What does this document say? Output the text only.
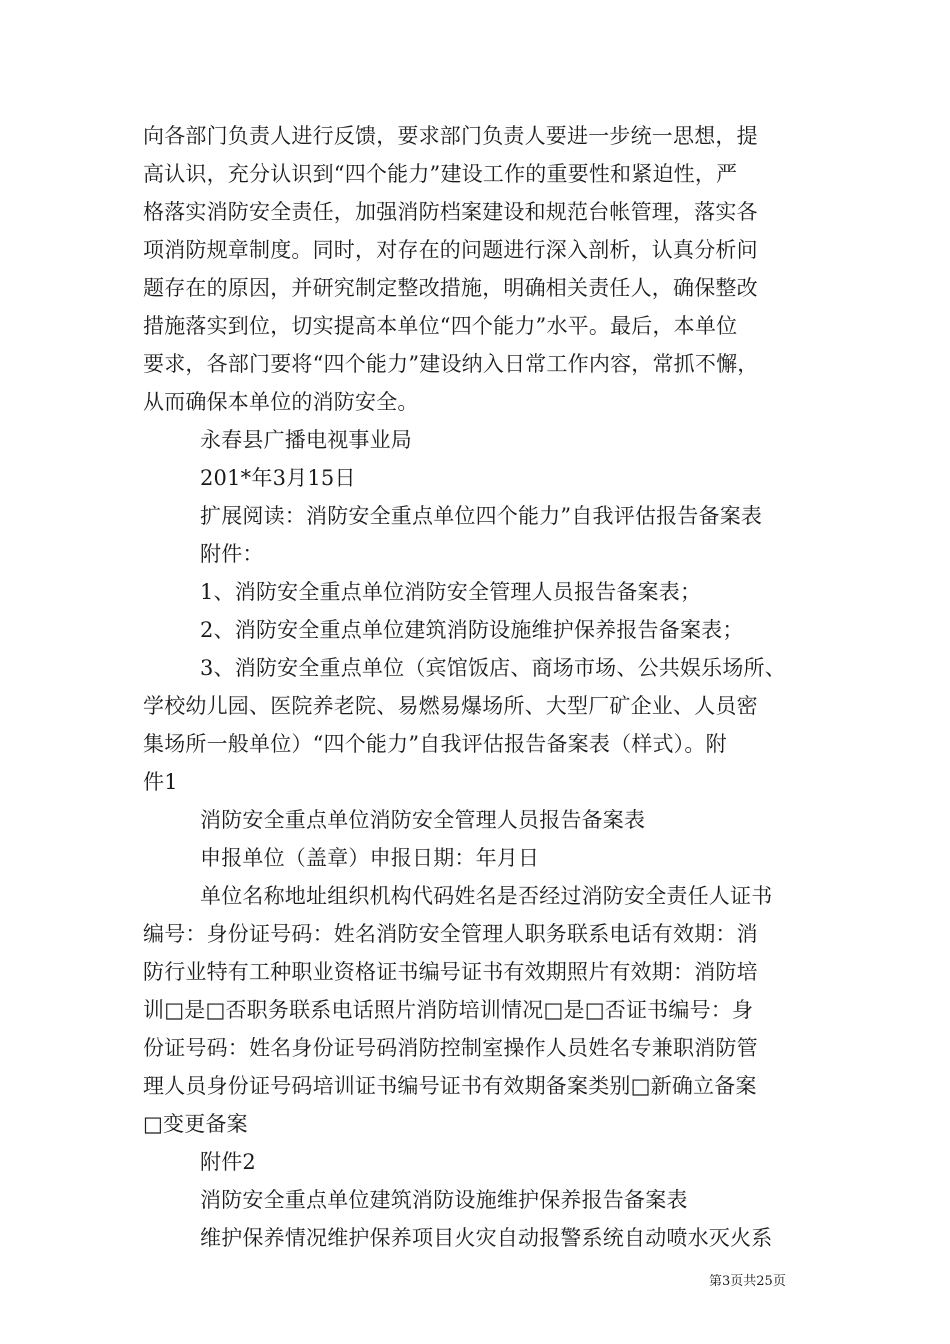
向各部门负责人进行反馈，要求部门负责人要进一步统一思想，提

高认识，充分认识到“四个能力”建设工作的重要性和紧迫性，严

格落实消防安全责任，加强消防档案建设和规范台帐管理，落实各

项消防规章制度。同时，对存在的问题进行深入剖析，认真分析问

题存在的原因，并研究制定整改措施，明确相关责任人，确保整改

措施落实到位，切实提高本单位“四个能力”水平。最后，本单位

要求，各部门要将“四个能力”建设纳入日常工作内容，常抓不懈，

从而确保本单位的消防安全。

永春县广播电视事业局

201*年3月15日

扩展阅读：消防安全重点单位四个能力”自我评估报告备案表

附件：

1、消防安全重点单位消防安全管理人员报告备案表；

2、消防安全重点单位建筑消防设施维护保养报告备案表；

3、消防安全重点单位（宾馆饭店、商场市场、公共娱乐场所、

学校幼儿园、医院养老院、易燃易爆场所、大型厂矿企业、人员密

集场所一般单位）“四个能力”自我评估报告备案表（样式）。附

件1

消防安全重点单位消防安全管理人员报告备案表

申报单位（盖章）申报日期：年月日

单位名称地址组织机构代码姓名是否经过消防安全责任人证书

编号：身份证号码：姓名消防安全管理人职务联系电话有效期：消

防行业特有工种职业资格证书编号证书有效期照片有效期：消防培

训□是□否职务联系电话照片消防培训情况□是□否证书编号：身

份证号码：姓名身份证号码消防控制室操作人员姓名专兼职消防管

理人员身份证号码培训证书编号证书有效期备案类别□新确立备案

□变更备案

附件2

消防安全重点单位建筑消防设施维护保养报告备案表

维护保养情况维护保养项目火灾自动报警系统自动喷水灭火系

第3页共25页
